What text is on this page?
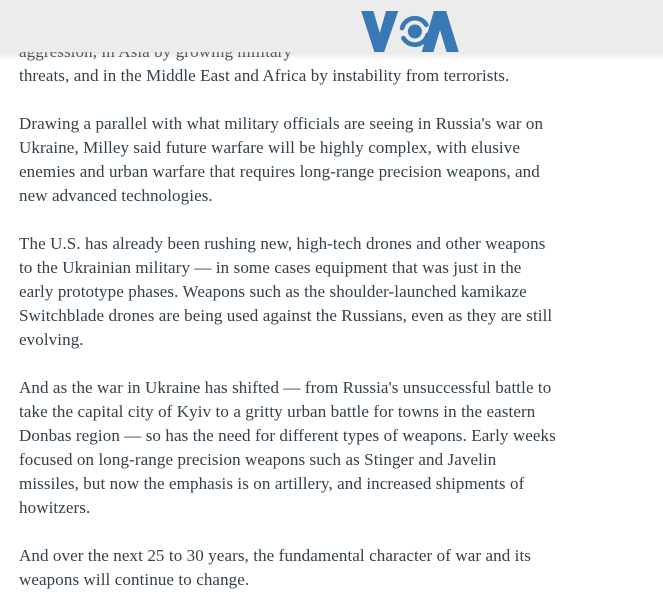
threats, and in the Middle East and Africa by instability from terrorists.
Drawing a parallel with what military officials are seeing in Russia's war on
Ukraine, Milley said future warfare will be highly complex, with elusive
enemies and urban warfare that requires long-range precision weapons, and
new advanced technologies.
The U.S. has already been rushing new, high-tech drones and other weapons
to the Ukrainian military — in some cases equipment that was just in the
early prototype phases. Weapons such as the shoulder-launched kamikaze
Switchblade drones are being used against the Russians, even as they are still
evolving.
And as the war in Ukraine has shifted — from Russia's unsuccessful battle to
take the capital city of Kyiv to a gritty urban battle for towns in the eastern
Donbas region — so has the need for different types of weapons. Early weeks
focused on long-range precision weapons such as Stinger and Javelin
missiles, but now the emphasis is on artillery, and increased shipments of
howitzers.
And over the next 25 to 30 years, the fundamental character of war and its
weapons will continue to change.
